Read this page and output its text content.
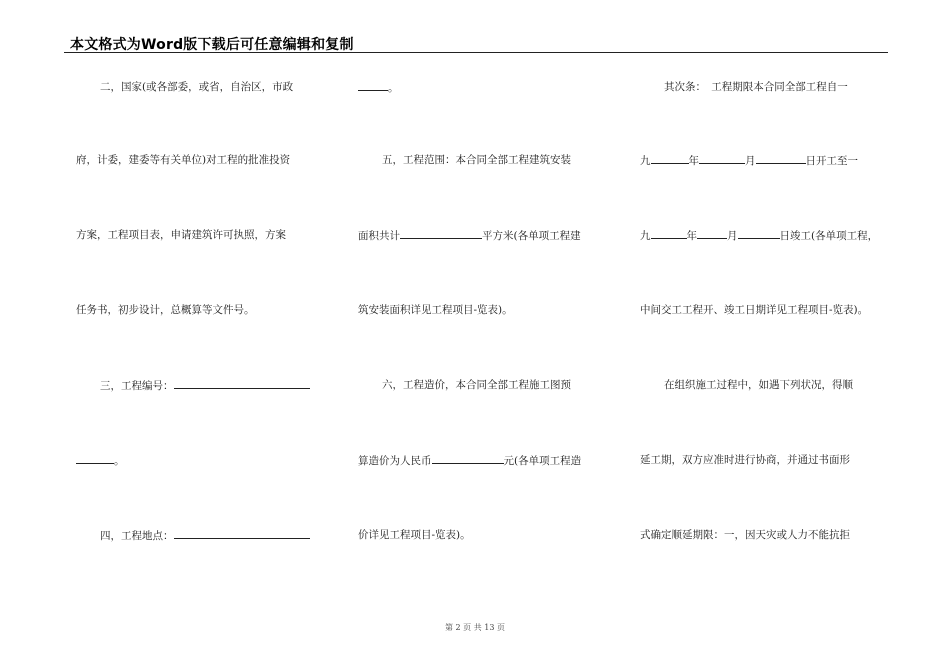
本文格式为Word版下载后可任意编辑和复制
二，国家(或各部委，或省，自治区，市政
府，计委，建委等有关单位)对工程的批准投资
方案，工程项目表，申请建筑许可执照，方案
任务书，初步设计，总概算等文件号。
三，工程编号：
。
四，工程地点：
。
五，工程范围：本合同全部工程建筑安装
面积共计	平方米(各单项工程建
筑安装面积详见工程项目-览表)。
六，工程造价，本合同全部工程施工图预
算造价为人民币	元(各单项工程造
价详见工程项目-览表)。
其次条：　工程期限本合同全部工程自一
九	年	月	日开工至一
九	年	月	日竣工(各单项工程，
中间交工工程开、竣工日期详见工程项目-览表)。
在组织施工过程中，如遇下列状况，得顺
延工期，双方应准时进行协商，并通过书面形
式确定顺延期限：一，因天灾或人力不能抗拒
第 2 页 共 13 页
